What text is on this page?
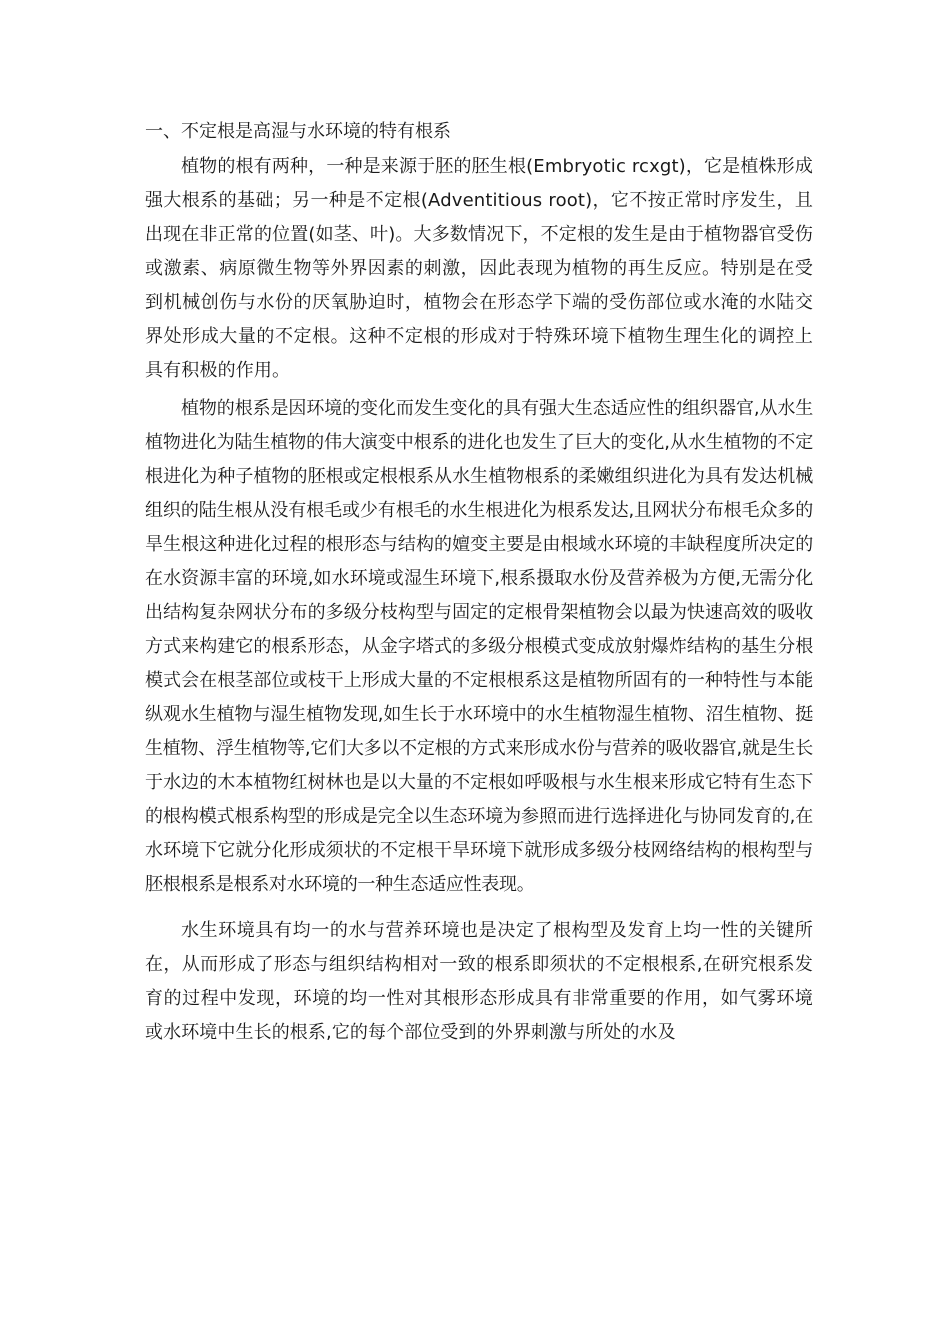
一、不定根是高湿与水环境的特有根系

植物的根有两种，一种是来源于胚的胚生根(Embryotic rcxgt)，它是植株形成强大根系的基础；另一种是不定根(Adventitious root)，它不按正常时序发生，且出现在非正常的位置(如茎、叶)。大多数情况下，不定根的发生是由于植物器官受伤或激素、病原微生物等外界因素的刺激，因此表现为植物的再生反应。特别是在受到机械创伤与水份的厌氧胁迫时，植物会在形态学下端的受伤部位或水淹的水陆交界处形成大量的不定根。这种不定根的形成对于特殊环境下植物生理生化的调控上具有积极的作用。

植物的根系是因环境的变化而发生变化的具有强大生态适应性的组织器官,从水生植物进化为陆生植物的伟大演变中根系的进化也发生了巨大的变化,从水生植物的不定根进化为种子植物的胚根或定根根系从水生植物根系的柔嫩组织进化为具有发达机械组织的陆生根从没有根毛或少有根毛的水生根进化为根系发达,且网状分布根毛众多的旱生根这种进化过程的根形态与结构的嬗变主要是由根域水环境的丰缺程度所决定的在水资源丰富的环境,如水环境或湿生环境下,根系摄取水份及营养极为方便,无需分化出结构复杂网状分布的多级分枝构型与固定的定根骨架植物会以最为快速高效的吸收方式来构建它的根系形态，从金字塔式的多级分根模式变成放射爆炸结构的基生分根模式会在根茎部位或枝干上形成大量的不定根根系这是植物所固有的一种特性与本能纵观水生植物与湿生植物发现,如生长于水环境中的水生植物湿生植物、沼生植物、挺生植物、浮生植物等,它们大多以不定根的方式来形成水份与营养的吸收器官,就是生长于水边的木本植物红树林也是以大量的不定根如呼吸根与水生根来形成它特有生态下的根构模式根系构型的形成是完全以生态环境为参照而进行选择进化与协同发育的,在水环境下它就分化形成须状的不定根干旱环境下就形成多级分枝网络结构的根构型与胚根根系是根系对水环境的一种生态适应性表现。

水生环境具有均一的水与营养环境也是决定了根构型及发育上均一性的关键所在，从而形成了形态与组织结构相对一致的根系即须状的不定根根系,在研究根系发育的过程中发现，环境的均一性对其根形态形成具有非常重要的作用，如气雾环境或水环境中生长的根系,它的每个部位受到的外界刺激与所处的水及
